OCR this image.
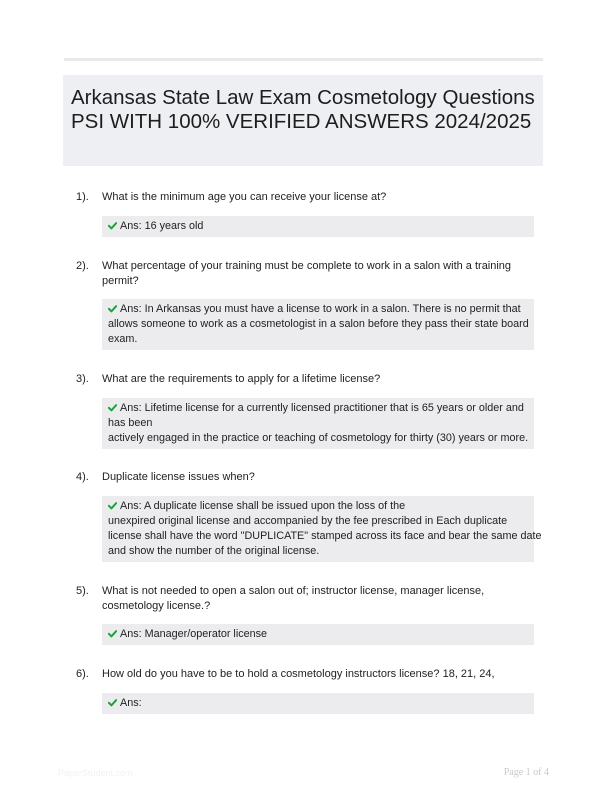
Arkansas State Law Exam Cosmetology Questions PSI WITH 100% VERIFIED ANSWERS 2024/2025
1). What is the minimum age you can receive your license at?
Ans: 16 years old
2). What percentage of your training must be complete to work in a salon with a training permit?
Ans: In Arkansas you must have a license to work in a salon. There is no permit that
allows someone to work as a cosmetologist in a salon before they pass their state board
exam.
3). What are the requirements to apply for a lifetime license?
Ans: Lifetime license for a currently licensed practitioner that is 65 years or older and
has been
actively engaged in the practice or teaching of cosmetology for thirty (30) years or more.
4). Duplicate license issues when?
Ans: A duplicate license shall be issued upon the loss of the
unexpired original license and accompanied by the fee prescribed in Each duplicate
license shall have the word "DUPLICATE" stamped across its face and bear the same date
and show the number of the original license.
5). What is not needed to open a salon out of; instructor license, manager license, cosmetology license.?
Ans: Manager/operator license
6). How old do you have to be to hold a cosmetology instructors license? 18, 21, 24,
Ans:
PaperStudent.com	Page 1 of 4
